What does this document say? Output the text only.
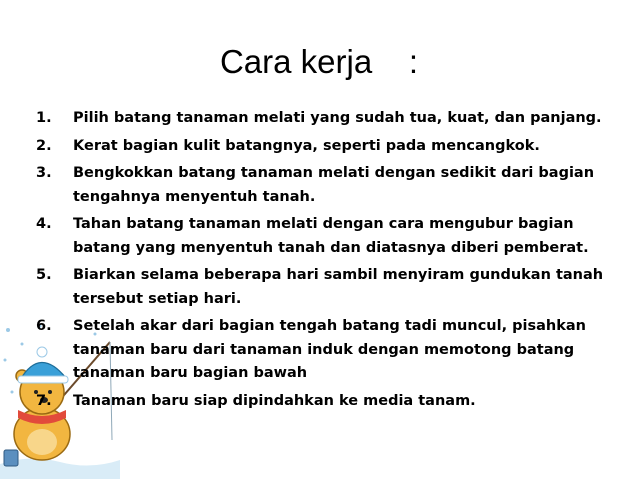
Cara kerja    :
1.	Pilih batang tanaman melati yang sudah tua, kuat, dan panjang.
2.	Kerat bagian kulit batangnya, seperti pada mencangkok.
3.	Bengkokkan batang tanaman melati dengan sedikit dari bagian tengahnya menyentuh tanah.
4.	Tahan batang tanaman melati dengan cara mengubur bagian batang yang menyentuh tanah dan diatasnya diberi pemberat.
5.	Biarkan selama beberapa hari sambil menyiram gundukan tanah tersebut setiap hari.
6.	Setelah akar dari bagian tengah batang tadi muncul, pisahkan tanaman baru dari tanaman induk dengan memotong batang tanaman baru bagian bawah
7.	Tanaman baru siap dipindahkan ke media tanam.
